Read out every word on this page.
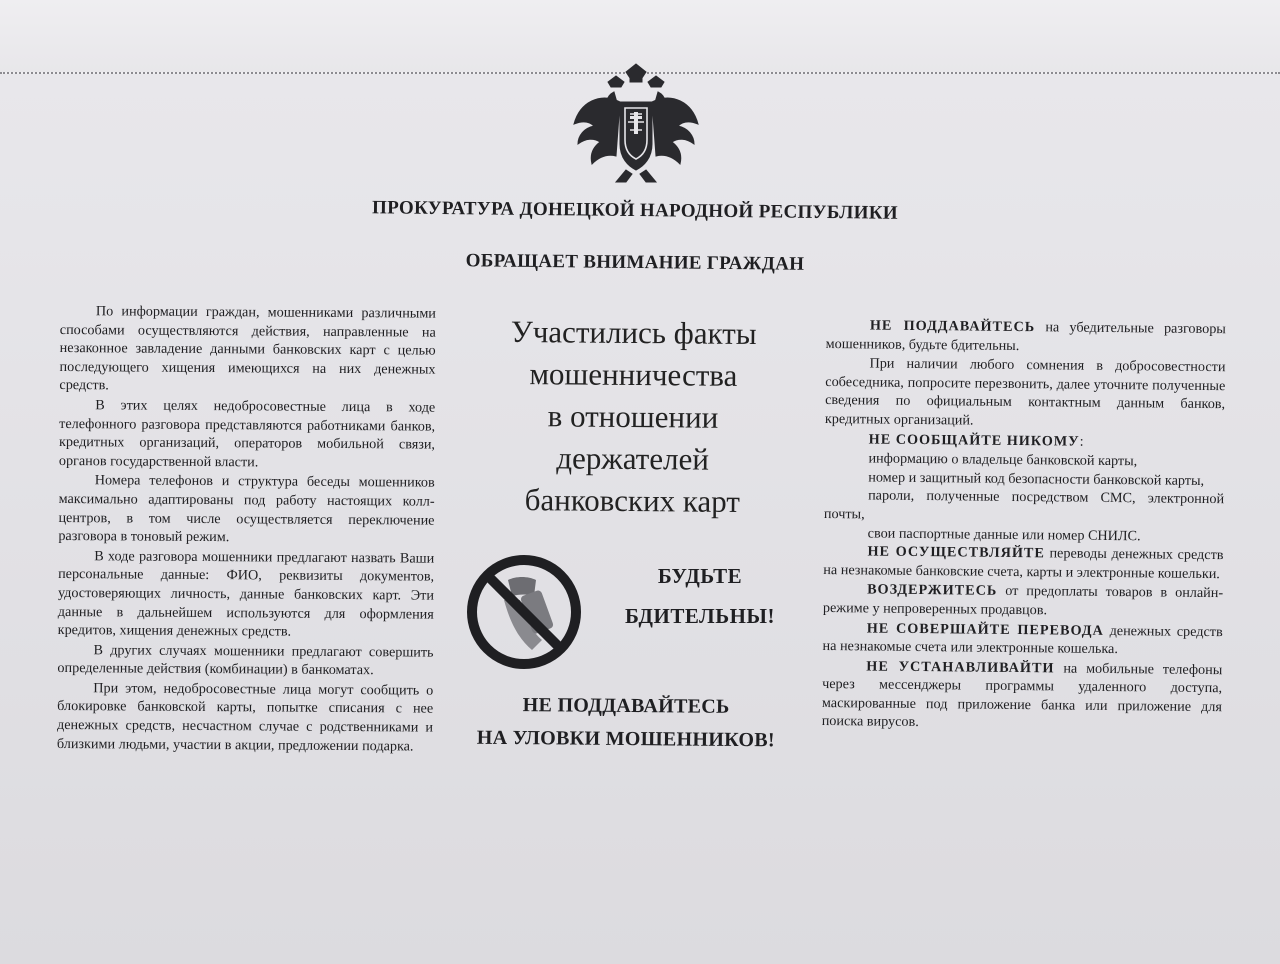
ПРОКУРАТУРА ДОНЕЦКОЙ НАРОДНОЙ РЕСПУБЛИКИ
ОБРАЩАЕТ ВНИМАНИЕ ГРАЖДАН

По информации граждан, мошенниками различными способами осуществляются действия, направленные на незаконное завладение данными банковских карт с целью последующего хищения имеющихся на них денежных средств.

В этих целях недобросовестные лица в ходе телефонного разговора представляются работниками банков, кредитных организаций, операторов мобильной связи, органов государственной власти.

Номера телефонов и структура беседы мошенников максимально адаптированы под работу настоящих колл-центров, в том числе осуществляется переключение разговора в тоновый режим.

В ходе разговора мошенники предлагают назвать Ваши персональные данные: ФИО, реквизиты документов, удостоверяющих личность, данные банковских карт. Эти данные в дальнейшем используются для оформления кредитов, хищения денежных средств.

В других случаях мошенники предлагают совершить определенные действия (комбинации) в банкоматах.

При этом, недобросовестные лица могут сообщить о блокировке банковской карты, попытке списания с нее денежных средств, несчастном случае с родственниками и близкими людьми, участии в акции, предложении подарка.

Участились факты
мошенничества
в отношении
держателей
банковских карт
БУДЬТЕ
БДИТЕЛЬНЫ!
НЕ ПОДДАВАЙТЕСЬ
НА УЛОВКИ МОШЕННИКОВ!

НЕ ПОДДАВАЙТЕСЬ на убедительные разговоры мошенников, будьте бдительны.

При наличии любого сомнения в добросовестности собеседника, попросите перезвонить, далее уточните полученные сведения по официальным контактным данным банков, кредитных организаций.

НЕ СООБЩАЙТЕ НИКОМУ:

информацию о владельце банковской карты,

номер и защитный код безопасности банковской карты,

пароли, полученные посредством СМС, электронной почты,

свои паспортные данные или номер СНИЛС.

НЕ ОСУЩЕСТВЛЯЙТЕ переводы денежных средств на незнакомые банковские счета, карты и электронные кошельки.

ВОЗДЕРЖИТЕСЬ от предоплаты товаров в онлайн-режиме у непроверенных продавцов.

НЕ СОВЕРШАЙТЕ ПЕРЕВОДА денежных средств на незнакомые счета или электронные кошелька.

НЕ УСТАНАВЛИВАЙТИ на мобильные телефоны через мессенджеры программы удаленного доступа, маскированные под приложение банка или приложение для поиска вирусов.
